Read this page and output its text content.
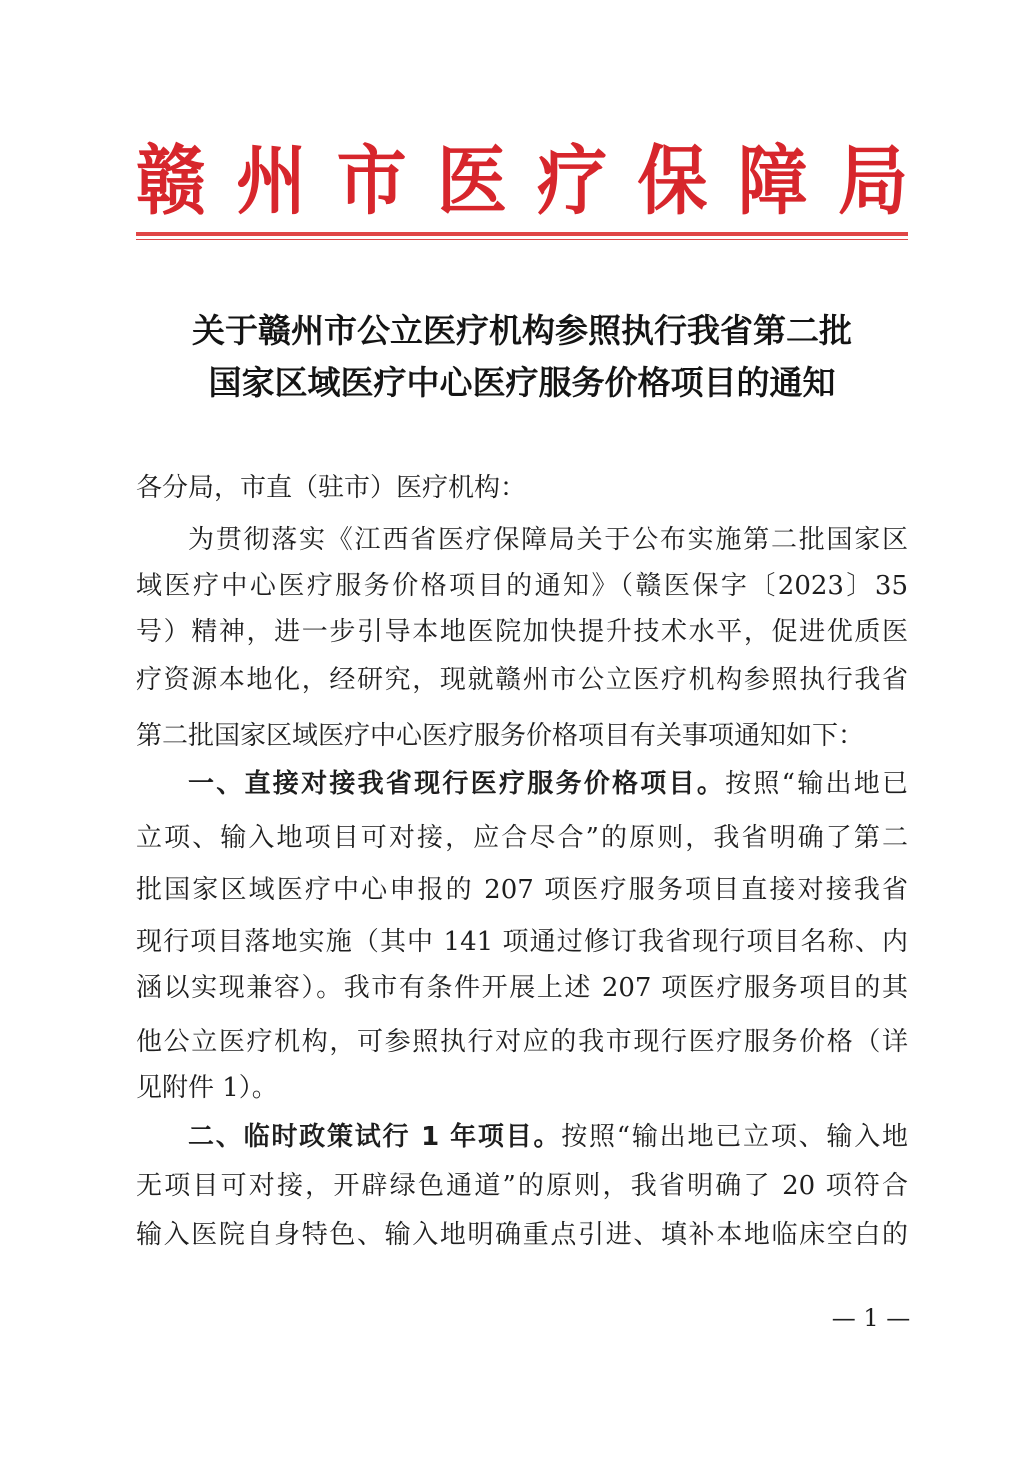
赣 州 市 医 疗 保 障 局
关于赣州市公立医疗机构参照执行我省第二批
国家区域医疗中心医疗服务价格项目的通知
各分局，市直（驻市）医疗机构：
为贯彻落实《江西省医疗保障局关于公布实施第二批国家区
域医疗中心医疗服务价格项目的通知》（赣医保字〔2023〕35
号）精神，进一步引导本地医院加快提升技术水平，促进优质医
疗资源本地化，经研究，现就赣州市公立医疗机构参照执行我省
第二批国家区域医疗中心医疗服务价格项目有关事项通知如下：
一、直接对接我省现行医疗服务价格项目。按照“输出地已
立项、输入地项目可对接，应合尽合”的原则，我省明确了第二
批国家区域医疗中心申报的 207 项医疗服务项目直接对接我省
现行项目落地实施（其中 141 项通过修订我省现行项目名称、内
涵以实现兼容）。我市有条件开展上述 207 项医疗服务项目的其
他公立医疗机构，可参照执行对应的我市现行医疗服务价格（详
见附件 1）。
二、临时政策试行 1 年项目。按照“输出地已立项、输入地
无项目可对接，开辟绿色通道”的原则，我省明确了 20 项符合
输入医院自身特色、输入地明确重点引进、填补本地临床空白的
— 1 —
